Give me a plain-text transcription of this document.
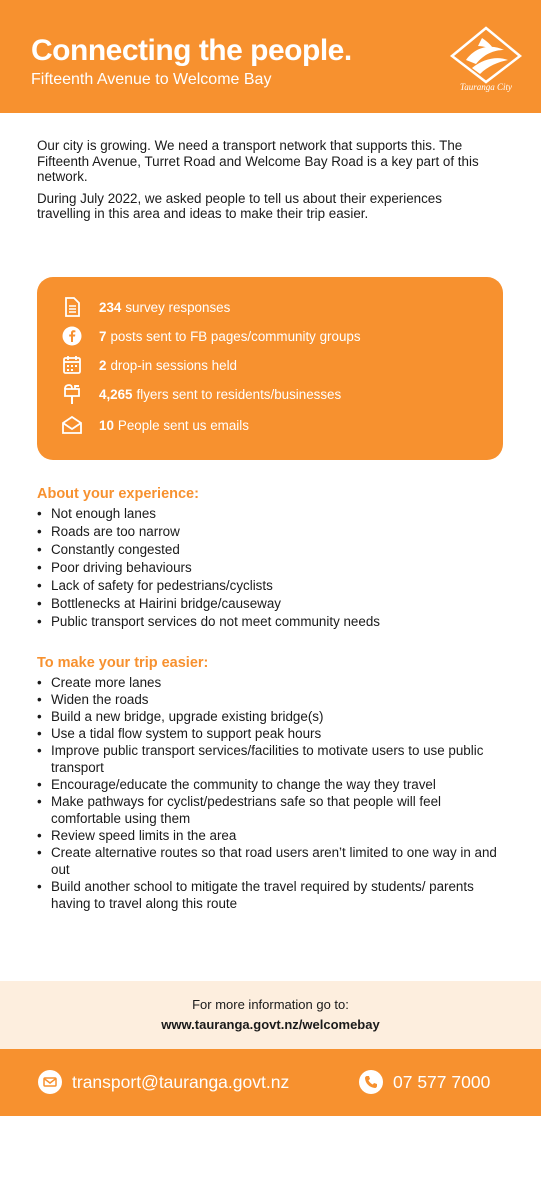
Connecting the people.
Fifteenth Avenue to Welcome Bay	Tauranga City

Our city is growing. We need a transport network that supports this. The Fifteenth Avenue, Turret Road and Welcome Bay Road is a key part of this network.

During July 2022, we asked people to tell us about their experiences travelling in this area and ideas to make their trip easier.

234 survey responses
7 posts sent to FB pages/community groups
2 drop-in sessions held
4,265 flyers sent to residents/businesses
10 People sent us emails
About your experience:
• Not enough lanes
• Roads are too narrow
• Constantly congested
• Poor driving behaviours
• Lack of safety for pedestrians/cyclists
• Bottlenecks at Hairini bridge/causeway
• Public transport services do not meet community needs
To make your trip easier:
• Create more lanes
• Widen the roads
• Build a new bridge, upgrade existing bridge(s)
• Use a tidal flow system to support peak hours
• Improve public transport services/facilities to motivate users to use public transport
• Encourage/educate the community to change the way they travel
• Make pathways for cyclist/pedestrians safe so that people will feel comfortable using them
• Review speed limits in the area
• Create alternative routes so that road users aren’t limited to one way in and out
• Build another school to mitigate the travel required by students/ parents having to travel along this route
For more information go to:
www.tauranga.govt.nz/welcomebay
transport@tauranga.govt.nz	07 577 7000
